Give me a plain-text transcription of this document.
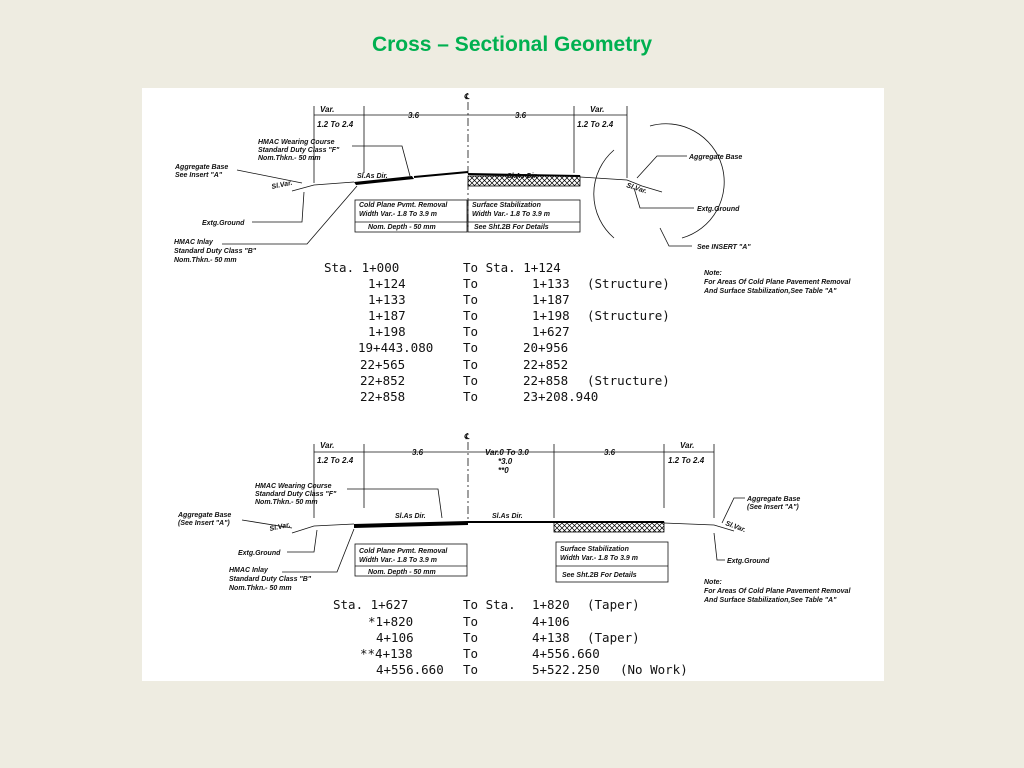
Cross – Sectional Geometry
℄
Var.
1.2 To 2.4
3.6	3.6
Var.
1.2 To 2.4
HMAC Wearing Course
Standard Duty Class "F"
Nom.Thkn.- 50 mm
Aggregate Base
See Insert "A"
Sl.Var.
Sl.As Dir.	Sl.As Dir.
Extg.Ground
Cold Plane Pvmt. Removal
Width Var.- 1.8 To 3.9 m
Nom. Depth - 50 mm
Surface Stabilization
Width Var.- 1.8 To 3.9 m
See Sht.2B For Details
HMAC Inlay
Standard Duty Class "B"
Nom.Thkn.- 50 mm
Sl.Var.
Aggregate Base
Extg.Ground
See INSERT "A"
Note:
For Areas Of Cold Plane Pavement Removal
And Surface Stabilization,See Table "A"
Sta. 1+000	To Sta. 1+124
1+124	To	1+133 (Structure)
1+133	To	1+187
1+187	To	1+198 (Structure)
1+198	To	1+627
19+443.080 To	20+956
22+565	To	22+852
22+852	To	22+858 (Structure)
22+858	To	23+208.940
℄
Var.
1.2 To 2.4
3.6	Var.0 To 3.0
*3.0
**0
3.6
Var.
1.2 To 2.4
HMAC Wearing Course
Standard Duty Class "F"
Nom.Thkn.- 50 mm
Aggregate Base
(See Insert "A")	Sl.Var.
Sl.As Dir.	Sl.As Dir.
Extg.Ground	Cold Plane Pvmt. Removal
Width Var.- 1.8 To 3.9 m
Nom. Depth - 50 mm
Surface Stabilization
Width Var.- 1.8 To 3.9 m
See Sht.2B For Details
HMAC Inlay
Standard Duty Class "B"
Nom.Thkn.- 50 mm
Sl.Var.
Aggregate Base
(See Insert "A")
Extg.Ground
Note:
For Areas Of Cold Plane Pavement Removal
And Surface Stabilization,See Table "A"
Sta. 1+627	To Sta. 1+820 (Taper)
*1+820	To	4+106
4+106	To	4+138 (Taper)
**4+138	To	4+556.660
4+556.660 To	5+522.250 (No Work)
